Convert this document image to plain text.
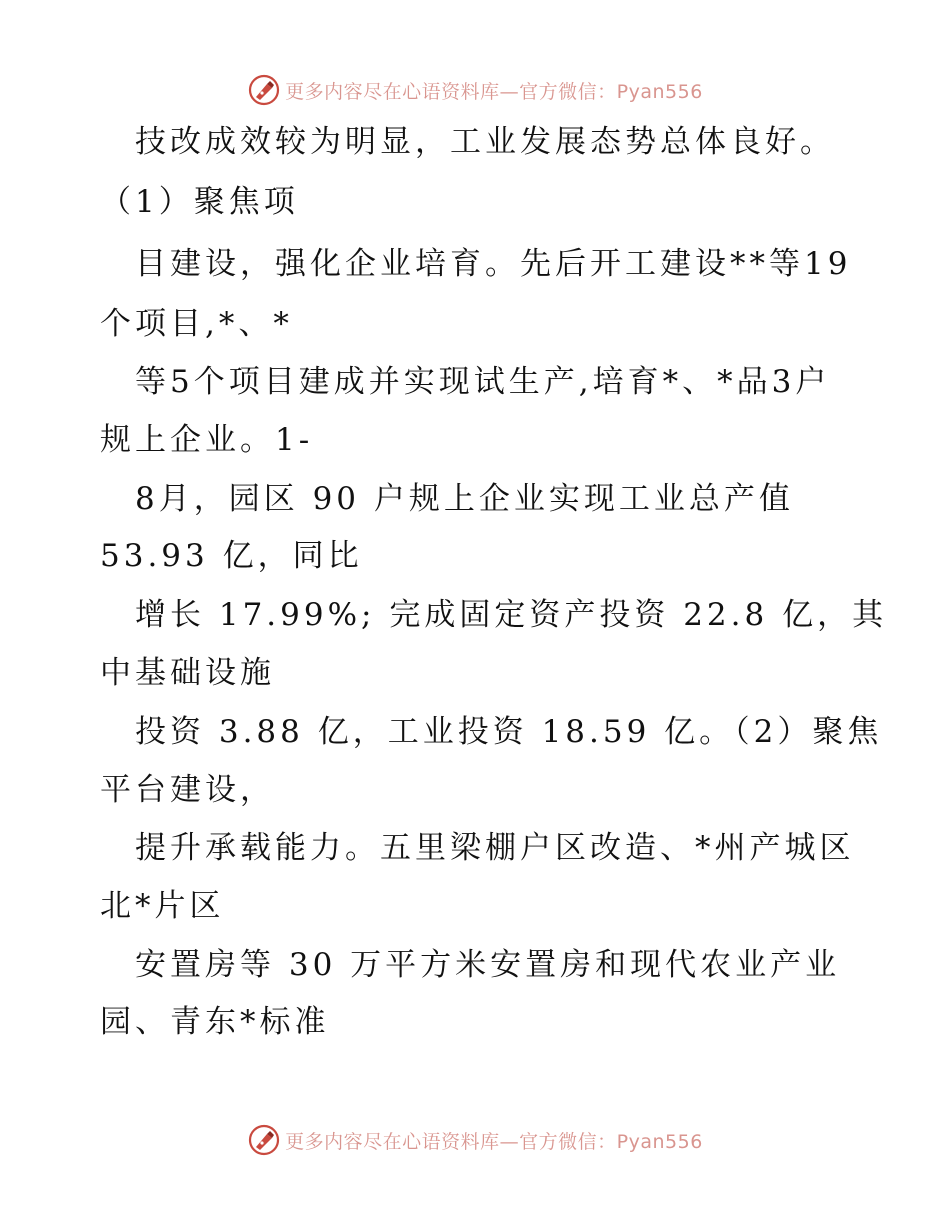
更多内容尽在心语资料库—官方微信：Pyan556
技改成效较为明显，工业发展态势总体良好。
（1）聚焦项
目建设，强化企业培育。先后开工建设**等19
个项目,*、*
等5个项目建成并实现试生产,培育*、*品3户
规上企业。1-
8月，园区 90 户规上企业实现工业总产值
53.93 亿，同比
增长 17.99%; 完成固定资产投资 22.8 亿，其
中基础设施
投资 3.88 亿，工业投资 18.59 亿。（2）聚焦
平台建设，
提升承载能力。五里梁棚户区改造、*州产城区
北*片区
安置房等 30 万平方米安置房和现代农业产业
园、青东*标准
更多内容尽在心语资料库—官方微信：Pyan556
